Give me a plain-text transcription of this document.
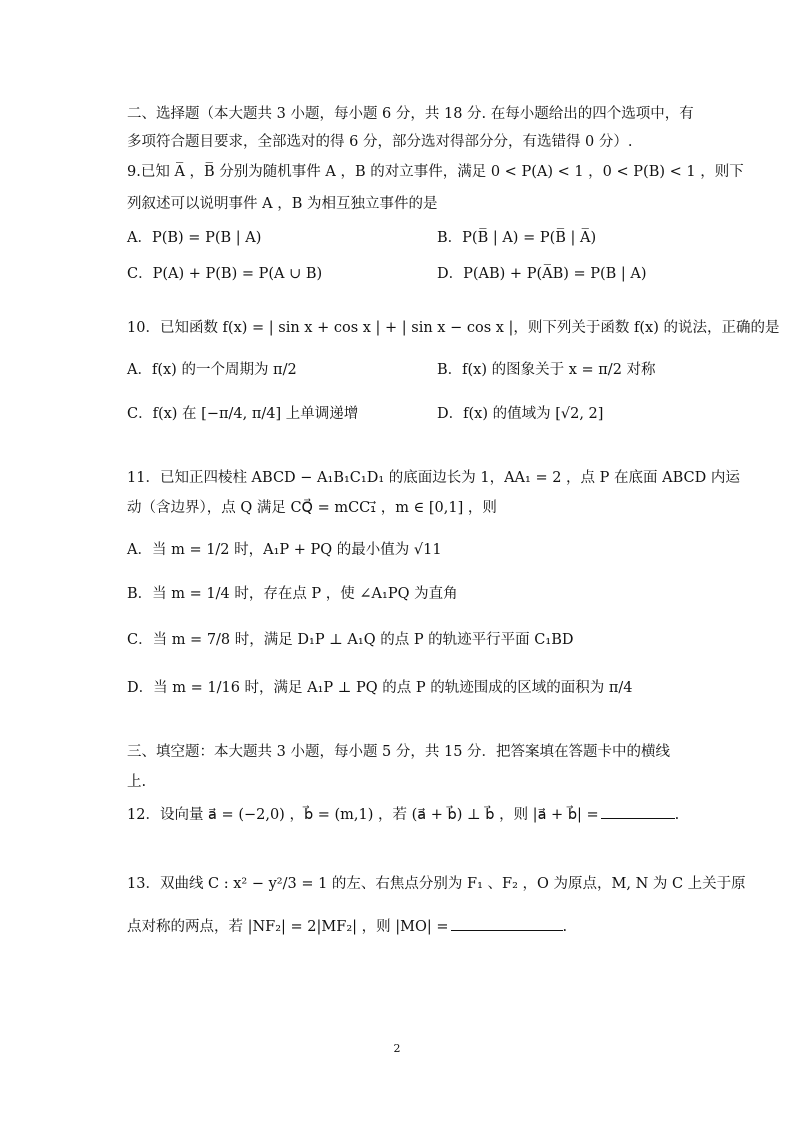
二、选择题（本大题共 3 小题，每小题 6 分，共 18 分. 在每小题给出的四个选项中，有
多项符合题目要求，全部选对的得 6 分，部分选对得部分分，有选错得 0 分）.
9.已知 A̅ ，B̅ 分别为随机事件 A ，B 的对立事件，满足 0 < P(A) < 1 ，0 < P(B) < 1 ，则下
列叙述可以说明事件 A ，B 为相互独立事件的是
A．P(B) = P(B | A)	B．P(B̅ | A) = P(B̅ | A̅)
C．P(A) + P(B) = P(A ∪ B)	D．P(AB) + P(A̅B) = P(B | A)
10．已知函数 f(x) = | sin x + cos x | + | sin x − cos x |，则下列关于函数 f(x) 的说法，正确的是
A．f(x) 的一个周期为 π/2	B．f(x) 的图象关于 x = π/2 对称
C．f(x) 在 [−π/4, π/4] 上单调递增	D．f(x) 的值域为 [√2, 2]
11．已知正四棱柱 ABCD − A₁B₁C₁D₁ 的底面边长为 1，AA₁ = 2 ，点 P 在底面 ABCD 内运
动（含边界），点 Q 满足 CQ⃗ = mCC₁⃗ ，m ∈ [0,1] ，则
A．当 m = 1/2 时，A₁P + PQ 的最小值为 √11
B．当 m = 1/4 时，存在点 P ，使 ∠A₁PQ 为直角
C．当 m = 7/8 时，满足 D₁P ⊥ A₁Q 的点 P 的轨迹平行平面 C₁BD
D．当 m = 1/16 时，满足 A₁P ⊥ PQ 的点 P 的轨迹围成的区域的面积为 π/4
三、填空题：本大题共 3 小题，每小题 5 分，共 15 分．把答案填在答题卡中的横线
上.
12．设向量 a⃗ = (−2,0) ，b⃗ = (m,1) ，若 (a⃗ + b⃗) ⊥ b⃗ ，则 |a⃗ + b⃗| =	.
13．双曲线 C : x² − y²/3 = 1 的左、右焦点分别为 F₁ 、F₂ ，O 为原点，M, N 为 C 上关于原
点对称的两点，若 |NF₂| = 2|MF₂| ，则 |MO| =	.
2
